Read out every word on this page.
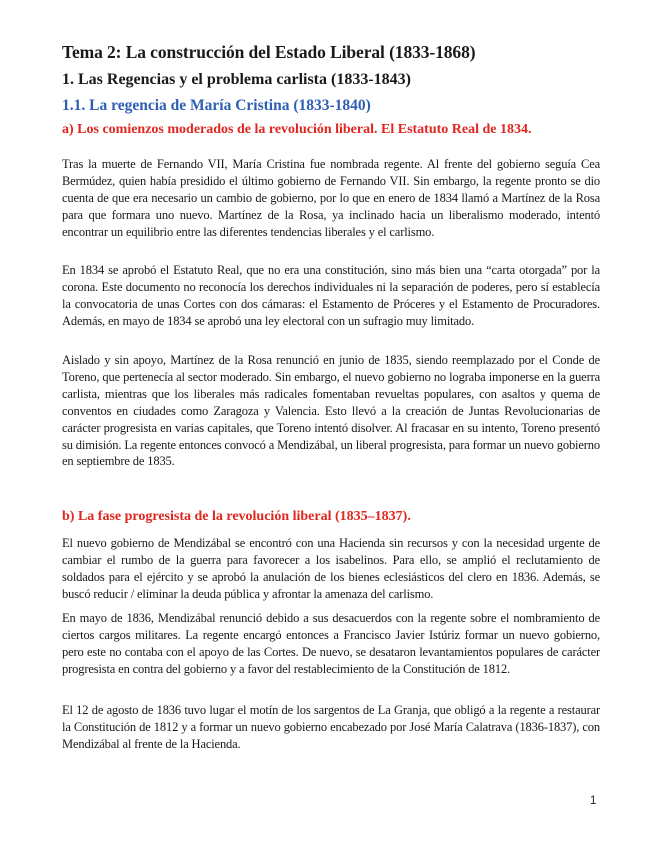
Tema 2: La construcción del Estado Liberal (1833-1868)
1. Las Regencias y el problema carlista (1833-1843)
1.1. La regencia de María Cristina (1833-1840)
a) Los comienzos moderados de la revolución liberal. El Estatuto Real de 1834.

Tras la muerte de Fernando VII, María Cristina fue nombrada regente. Al frente del gobierno seguía Cea Bermúdez, quien había presidido el último gobierno de Fernando VII. Sin embargo, la regente pronto se dio cuenta de que era necesario un cambio de gobierno, por lo que en enero de 1834 llamó a Martínez de la Rosa para que formara uno nuevo. Martínez de la Rosa, ya inclinado hacia un liberalismo moderado, intentó encontrar un equilibrio entre las diferentes tendencias liberales y el carlismo.

En 1834 se aprobó el Estatuto Real, que no era una constitución, sino más bien una “carta otorgada” por la corona. Este documento no reconocía los derechos individuales ni la separación de poderes, pero sí establecía la convocatoria de unas Cortes con dos cámaras: el Estamento de Próceres y el Estamento de Procuradores. Además, en mayo de 1834 se aprobó una ley electoral con un sufragio muy limitado.

Aislado y sin apoyo, Martínez de la Rosa renunció en junio de 1835, siendo reemplazado por el Conde de Toreno, que pertenecía al sector moderado. Sin embargo, el nuevo gobierno no lograba imponerse en la guerra carlista, mientras que los liberales más radicales fomentaban revueltas populares, con asaltos y quema de conventos en ciudades como Zaragoza y Valencia. Esto llevó a la creación de Juntas Revolucionarias de carácter progresista en varias capitales, que Toreno intentó disolver. Al fracasar en su intento, Toreno presentó su dimisión. La regente entonces convocó a Mendizábal, un liberal progresista, para formar un nuevo gobierno en septiembre de 1835.

b) La fase progresista de la revolución liberal (1835–1837).

El nuevo gobierno de Mendizábal se encontró con una Hacienda sin recursos y con la necesidad urgente de cambiar el rumbo de la guerra para favorecer a los isabelinos. Para ello, se amplió el reclutamiento de soldados para el ejército y se aprobó la anulación de los bienes eclesiásticos del clero en 1836. Además, se buscó reducir / eliminar la deuda pública y afrontar la amenaza del carlismo.

En mayo de 1836, Mendizábal renunció debido a sus desacuerdos con la regente sobre el nombramiento de ciertos cargos militares. La regente encargó entonces a Francisco Javier Istúriz formar un nuevo gobierno, pero este no contaba con el apoyo de las Cortes. De nuevo, se desataron levantamientos populares de carácter progresista en contra del gobierno y a favor del restablecimiento de la Constitución de 1812.

El 12 de agosto de 1836 tuvo lugar el motín de los sargentos de La Granja, que obligó a la regente a restaurar la Constitución de 1812 y a formar un nuevo gobierno encabezado por José María Calatrava (1836-1837), con Mendizábal al frente de la Hacienda.

1
